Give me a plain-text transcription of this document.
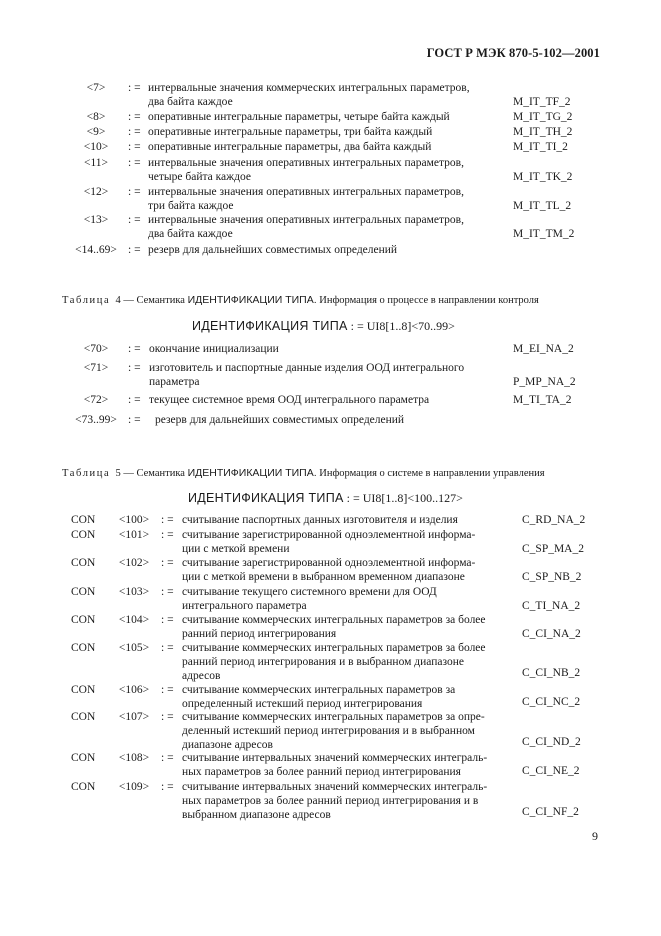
ГОСТ Р МЭК 870-5-102—2001
<7>	: = интервальные значения коммерческих интегральных параметров,
два байта каждое	M_IT_TF_2
<8>	: = оперативные интегральные параметры, четыре байта каждый	M_IT_TG_2
<9>	: = оперативные интегральные параметры, три байта каждый	M_IT_TH_2
<10>	: = оперативные интегральные параметры, два байта каждый	M_IT_TI_2
<11>	: = интервальные значения оперативных интегральных параметров,
четыре байта каждое	M_IT_TK_2
<12>	: = интервальные значения оперативных интегральных параметров,
три байта каждое	M_IT_TL_2
<13>	: = интервальные значения оперативных интегральных параметров,
два байта каждое	M_IT_TM_2
<14..69> : = резерв для дальнейших совместимых определений
Таблица 4 — Семантика ИДЕНТИФИКАЦИИ ТИПА. Информация о процессе в направлении контроля
ИДЕНТИФИКАЦИЯ ТИПА : = UI8[1..8]<70..99>
<70>	: = окончание инициализации	M_EI_NA_2
<71>	: = изготовитель и паспортные данные изделия ООД интегрального
параметра	P_MP_NA_2
<72>	: = текущее системное время ООД интегрального параметра	M_TI_TA_2
<73..99> : = резерв для дальнейших совместимых определений
Таблица 5 — Семантика ИДЕНТИФИКАЦИИ ТИПА. Информация о системе в направлении управления
ИДЕНТИФИКАЦИЯ ТИПА : = UI8[1..8]<100..127>
CON	<100>	: = считывание паспортных данных изготовителя и изделия	C_RD_NA_2
CON	<101>	: = считывание зарегистрированной одноэлементной информа-
ции с меткой времени	C_SP_MA_2
CON	<102>	: = считывание зарегистрированной одноэлементной информа-
ции с меткой времени в выбранном временном диапазоне	C_SP_NB_2
CON	<103>	: = считывание текущего системного времени для ООД
интегрального параметра	C_TI_NA_2
CON	<104>	: = считывание коммерческих интегральных параметров за более
ранний период интегрирования	C_CI_NA_2
CON	<105>	: = считывание коммерческих интегральных параметров за более
ранний период интегрирования и в выбранном диапазоне
адресов	C_CI_NB_2
CON	<106>	: = считывание коммерческих интегральных параметров за
определенный истекший период интегрирования	C_CI_NC_2
CON	<107>	: = считывание коммерческих интегральных параметров за опре-
деленный истекший период интегрирования и в выбранном
диапазоне адресов	C_CI_ND_2
CON	<108>	: = считывание интервальных значений коммерческих интеграль-
ных параметров за более ранний период интегрирования	C_CI_NE_2
CON	<109>	: = считывание интервальных значений коммерческих интеграль-
ных параметров за более ранний период интегрирования и в
выбранном диапазоне адресов	C_CI_NF_2
9
